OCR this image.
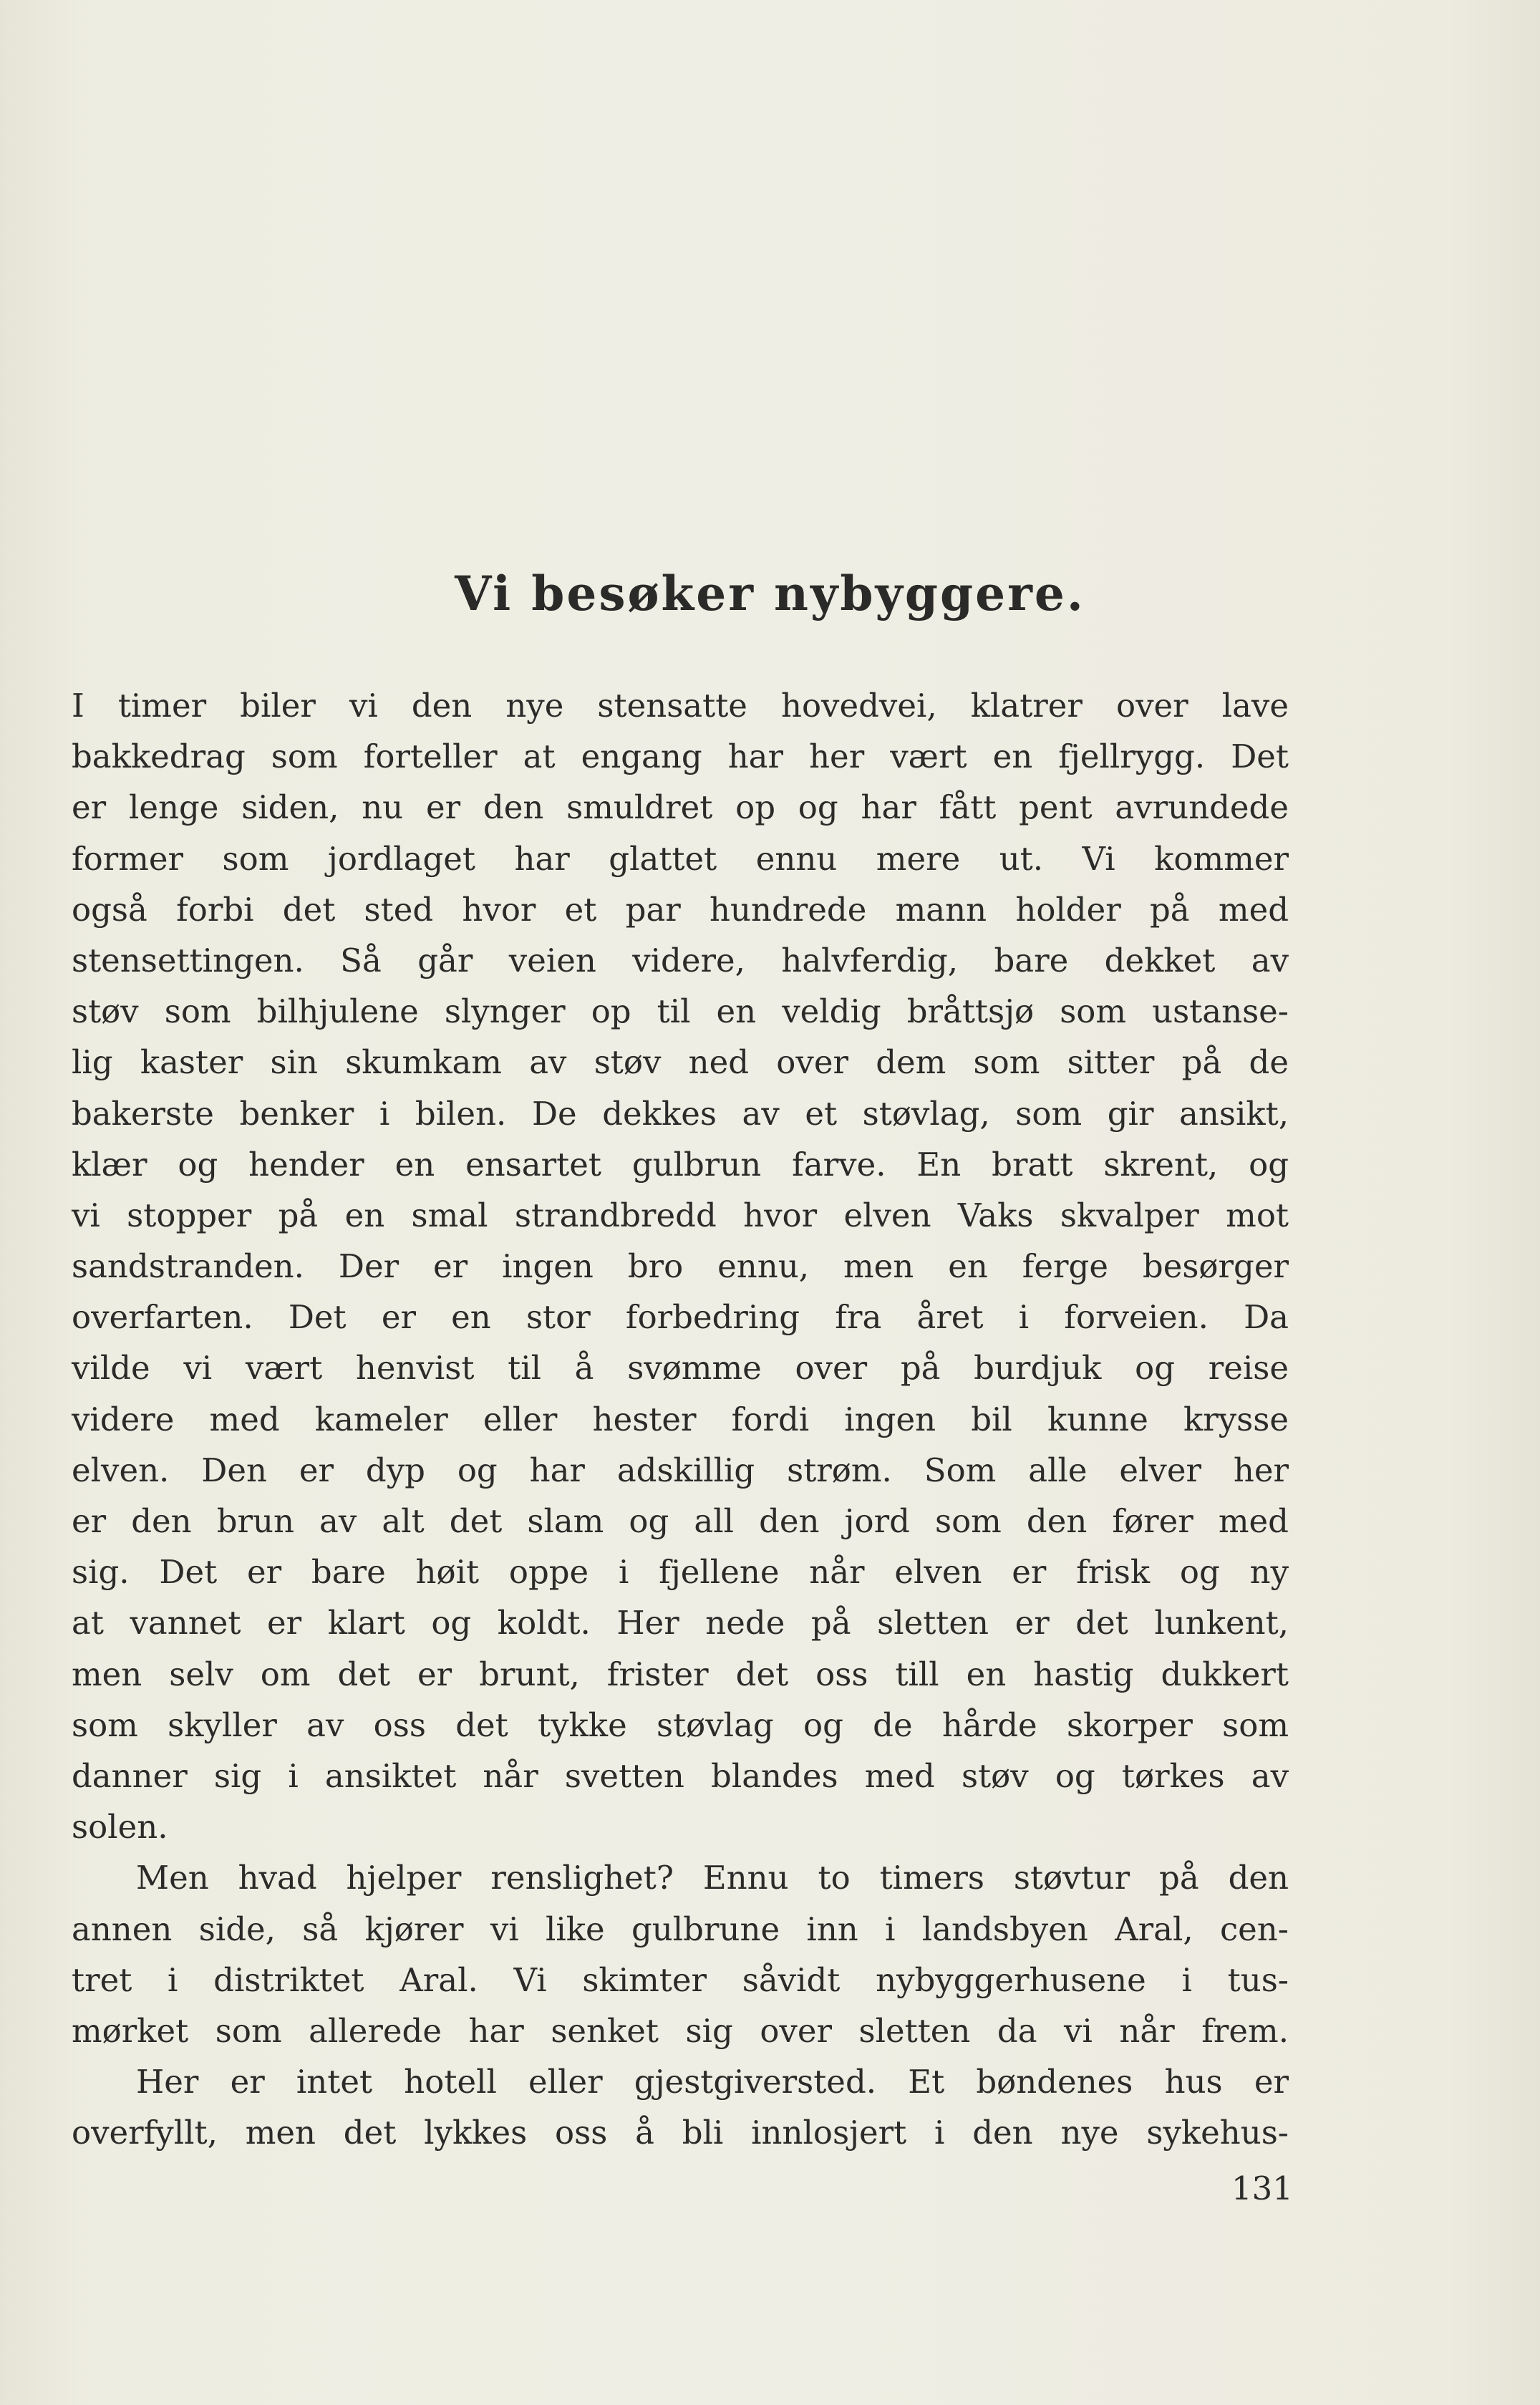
Vi besøker nybyggere.
I timer biler vi den nye stensatte hovedvei, klatrer over lave
bakkedrag som forteller at engang har her vært en fjellrygg. Det
er lenge siden, nu er den smuldret op og har fått pent avrundede
former som jordlaget har glattet ennu mere ut. Vi kommer
også forbi det sted hvor et par hundrede mann holder på med
stensettingen. Så går veien videre, halvferdig, bare dekket av
støv som bilhjulene slynger op til en veldig bråttsjø som ustanse-
lig kaster sin skumkam av støv ned over dem som sitter på de
bakerste benker i bilen. De dekkes av et støvlag, som gir ansikt,
klær og hender en ensartet gulbrun farve. En bratt skrent, og
vi stopper på en smal strandbredd hvor elven Vaks skvalper mot
sandstranden. Der er ingen bro ennu, men en ferge besørger
overfarten. Det er en stor forbedring fra året i forveien. Da
vilde vi vært henvist til å svømme over på burdjuk og reise
videre med kameler eller hester fordi ingen bil kunne krysse
elven. Den er dyp og har adskillig strøm. Som alle elver her
er den brun av alt det slam og all den jord som den fører med
sig. Det er bare høit oppe i fjellene når elven er frisk og ny
at vannet er klart og koldt. Her nede på sletten er det lunkent,
men selv om det er brunt, frister det oss till en hastig dukkert
som skyller av oss det tykke støvlag og de hårde skorper som
danner sig i ansiktet når svetten blandes med støv og tørkes av
solen.
Men hvad hjelper renslighet? Ennu to timers støvtur på den
annen side, så kjører vi like gulbrune inn i landsbyen Aral, cen-
tret i distriktet Aral. Vi skimter såvidt nybyggerhusene i tus-
mørket som allerede har senket sig over sletten da vi når frem.
Her er intet hotell eller gjestgiversted. Et bøndenes hus er
overfyllt, men det lykkes oss å bli innlosjert i den nye sykehus-
131
